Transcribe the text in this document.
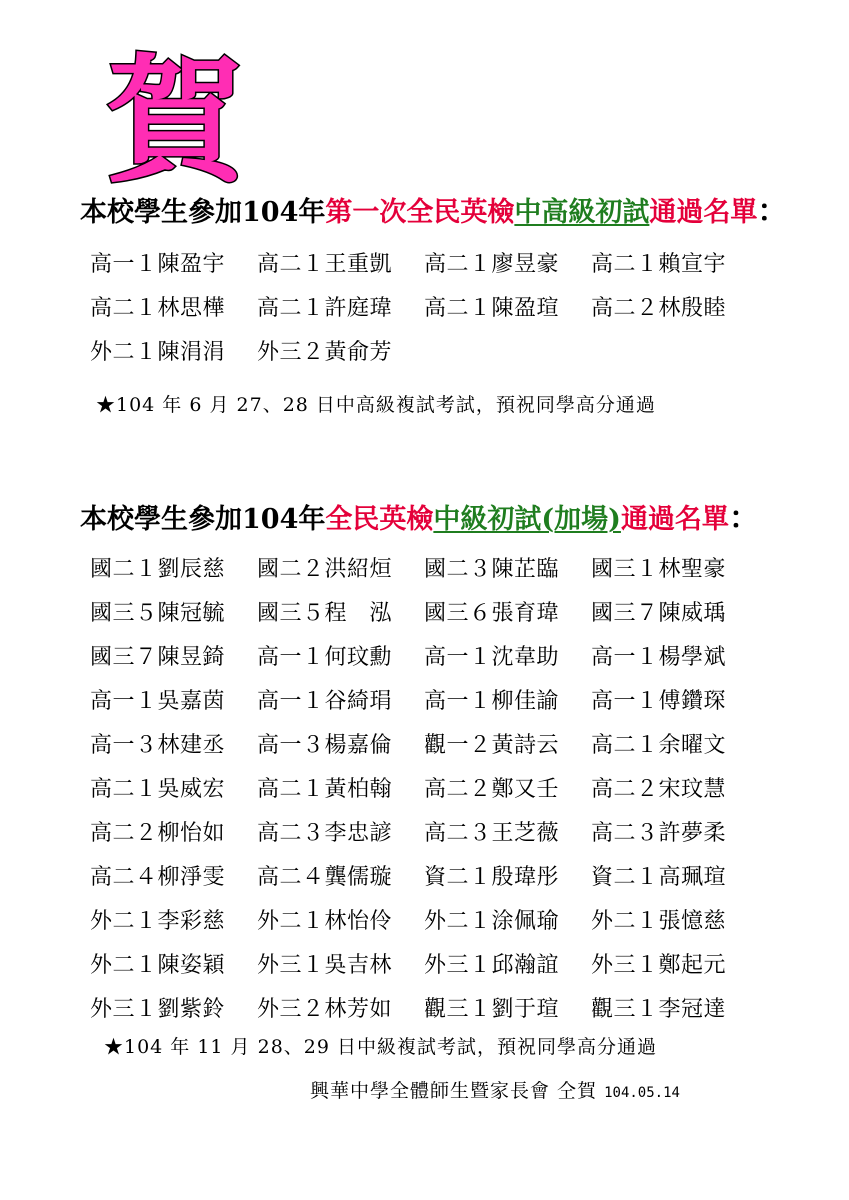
賀
本校學生參加104年第一次全民英檢中高級初試通過名單：
高一１陳盈宇	高二１王重凱	高二１廖昱豪	高二１賴宣宇
高二１林思樺	高二１許庭瑋	高二１陳盈瑄	高二２林殷睦
外二１陳涓涓	外三２黃俞芳
★104 年 6 月 27、28 日中高級複試考試，預祝同學高分通過
本校學生參加104年全民英檢中級初試(加場)通過名單：
國二１劉辰慈	國二２洪紹烜	國二３陳芷臨	國三１林聖豪
國三５陳冠毓	國三５程　泓	國三６張育瑋	國三７陳威瑀
國三７陳昱錡	高一１何玟勳	高一１沈韋助	高一１楊學斌
高一１吳嘉茵	高一１谷綺琄	高一１柳佳諭	高一１傅鑽琛
高一３林建丞	高一３楊嘉倫	觀一２黃詩云	高二１余曜文
高二１吳威宏	高二１黃柏翰	高二２鄭又壬	高二２宋玟慧
高二２柳怡如	高二３李忠諺	高二３王芝薇	高二３許夢柔
高二４柳淨雯	高二４龔儒璇	資二１殷瑋彤	資二１高珮瑄
外二１李彩慈	外二１林怡伶	外二１涂佩瑜	外二１張憶慈
外二１陳姿穎	外三１吳吉林	外三１邱瀚誼	外三１鄭起元
外三１劉紫鈴	外三２林芳如	觀三１劉于瑄	觀三１李冠達
★104 年 11 月 28、29 日中級複試考試，預祝同學高分通過
興華中學全體師生暨家長會 仝賀 104.05.14
